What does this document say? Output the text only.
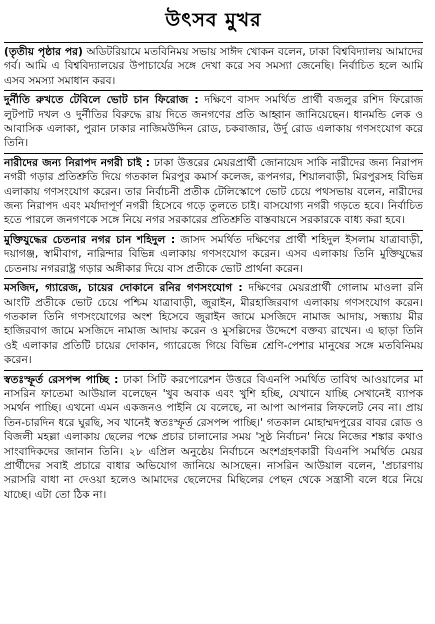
উৎসব মুখর

(তৃতীয় পৃষ্ঠার পর) অডিটরিয়ামে মতবিনিময় সভায় সাঈদ খোকন বলেন, ঢাকা বিশ্ববিদ্যালয় আমাদের গর্ব। আমি এ বিশ্ববিদ্যালয়ের উপাচার্যের সঙ্গে দেখা করে সব সমস্যা জেনেছি। নির্বাচিত হলে আমি এসব সমস্যা সমাধান করব।

দুর্নীতি রুখতে টেবিলে ভোট চান ফিরোজ : দক্ষিণে বাসদ সমর্থিত প্রার্থী বজলুর রশিদ ফিরোজ লুটপাট দখল ও দুর্নীতির বিরুদ্ধে রায় দিতে জনগণের প্রতি আহ্বান জানিয়েছেন। ধানমন্ডি লেক ও আবাসিক এলাকা, পুরান ঢাকার নাজিমউদ্দিন রোড, চকবাজার, উর্দু রোড এলাকায় গণসংযোগ করে তিনি।

নারীদের জন্য নিরাপদ নগরী চাই : ঢাকা উত্তরের মেয়রপ্রার্থী জোনায়েদ সাকি নারীদের জন্য নিরাপদ নগরী গড়ার প্রতিশ্রুতি দিয়ে গতকাল মিরপুর কমার্স কলেজ, রূপনগর, শিয়ালবাড়ী, মিরপুরসহ বিভিন্ন এলাকায় গণসংযোগ করেন। তার নির্বাচনী প্রতীক টেলিস্কোপে ভোট চেয়ে পথসভায় বলেন, নারীদের জন্য নিরাপদ এবং মর্যাদাপূর্ণ নগরী হিসেবে গড়ে তুলতে চাই। বাসযোগ্য নগরী গড়তে হবে। নির্বাচিত হতে পারলে জনগণকে সঙ্গে নিয়ে নগর সরকারের প্রতিশ্রুতি বাস্তবায়নে সরকারকে বাধ্য করা হবে।

মুক্তিযুদ্ধের চেতনার নগর চান শহিদুল : জাসদ সমর্থিত দক্ষিণের প্রার্থী শহিদুল ইসলাম যাত্রাবাড়ী, দয়াগঞ্জ, স্বামীবাগ, নারিন্দার বিভিন্ন এলাকায় গণসংযোগ করেন। এসব এলাকায় তিনি মুক্তিযুদ্ধের চেতনায় নগররাষ্ট্র গড়ার অঙ্গীকার দিয়ে বাস প্রতীকে ভোট প্রার্থনা করেন।

মসজিদ, গ্যারেজ, চায়ের দোকানে রনির গণসংযোগ : দক্ষিণের মেয়রপ্রার্থী গোলাম মাওলা রনি আংটি প্রতীকে ভোট চেয়ে পশ্চিম যাত্রাবাড়ী, জুরাইন, মীরহাজিরবাগ এলাকায় গণসংযোগ করেন। গতকাল তিনি গণসংযোগের অংশ হিসেবে জুরাইন জামে মসজিদে নামাজ আদায়, সন্ধ্যায় মীর হাজিরবাগ জামে মসজিদে নামাজ আদায় করেন ও মুসল্লিদের উদ্দেশে বক্তব্য রাখেন। এ ছাড়া তিনি ওই এলাকার প্রতিটি চায়ের দোকান, গ্যারেজে গিয়ে বিভিন্ন শ্রেণি-পেশার মানুষের সঙ্গে মতবিনিময় করেন।

স্বতঃস্ফূর্ত রেসপন্স পাচ্ছি : ঢাকা সিটি করপোরেশন উত্তরে বিএনপি সমর্থিত তাবিথ আওয়ালের মা নাসরিন ফাতেমা আউয়াল বলেছেন 'খুব অবাক এবং খুশি হচ্ছি, যেখানে যাচ্ছি সেখানেই ব্যাপক সমর্থন পাচ্ছি। এখনো এমন একজনও পাইনি যে বলেছে, না আপা আপনার লিফলেট নেব না। প্রায় তিন-চারদিন ধরে ঘুরছি, সব খানেই স্বতঃস্ফূর্ত রেসপন্স পাচ্ছি।' গতকাল মোহাম্মদপুরের বাবর রোড ও বিজলী মহল্লা এলাকায় ছেলের পক্ষে প্রচার চালানোর সময় 'সুষ্ঠ নির্বাচন' নিয়ে নিজের শঙ্কার কথাও সাংবাদিকদের জানান তিনি। ২৮ এপ্রিল অনুষ্ঠেয় নির্বাচনে অংশগ্রহণকারী বিএনপি সমর্থিত মেয়র প্রার্থীদের সবাই প্রচারে বাধার অভিযোগ জানিয়ে আসছেন। নাসরিন আউয়াল বলেন, 'প্রচারণায় সরাসরি বাধা না দেওয়া হলেও আমাদের ছেলেদের মিছিলের পেছন থেকে সন্ত্রাসী বলে ধরে নিয়ে যাচ্ছে। এটা তো ঠিক না।
